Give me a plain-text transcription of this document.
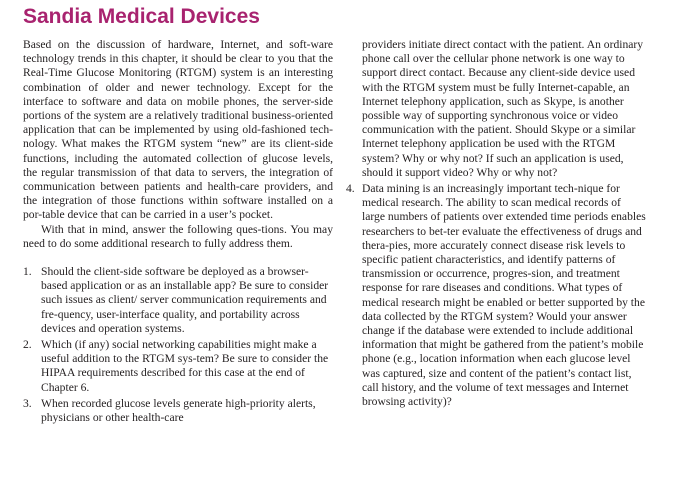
Sandia Medical Devices

Based on the discussion of hardware, Internet, and soft-ware technology trends in this chapter, it should be clear to you that the Real-Time Glucose Monitoring (RTGM) system is an interesting combination of older and newer technology. Except for the interface to software and data on mobile phones, the server-side portions of the system are a relatively traditional business-oriented application that can be implemented by using old-fashioned tech-nology. What makes the RTGM system “new” are its client-side functions, including the automated collection of glucose levels, the regular transmission of that data to servers, the integration of communication between patients and health-care providers, and the integration of those functions within software installed on a por-table device that can be carried in a user’s pocket.

With that in mind, answer the following ques-tions. You may need to do some additional research to fully address them.

1. Should the client-side software be deployed as a browser-based application or as an installable app? Be sure to consider such issues as client/ server communication requirements and fre-quency, user-interface quality, and portability across devices and operation systems.
2. Which (if any) social networking capabilities might make a useful addition to the RTGM sys-tem? Be sure to consider the HIPAA requirements described for this case at the end of Chapter 6.
3. When recorded glucose levels generate high-priority alerts, physicians or other health-care

providers initiate direct contact with the patient. An ordinary phone call over the cellular phone network is one way to support direct contact. Because any client-side device used with the RTGM system must be fully Internet-capable, an Internet telephony application, such as Skype, is another possible way of supporting synchronous voice or video communication with the patient. Should Skype or a similar Internet telephony application be used with the RTGM system? Why or why not? If such an application is used, should it support video? Why or why not?

4. Data mining is an increasingly important tech-nique for medical research. The ability to scan medical records of large numbers of patients over extended time periods enables researchers to bet-ter evaluate the effectiveness of drugs and thera-pies, more accurately connect disease risk levels to specific patient characteristics, and identify patterns of transmission or occurrence, progres-sion, and treatment response for rare diseases and conditions. What types of medical research might be enabled or better supported by the data collected by the RTGM system? Would your answer change if the database were extended to include additional information that might be gathered from the patient’s mobile phone (e.g., location information when each glucose level was captured, size and content of the patient’s contact list, call history, and the volume of text messages and Internet browsing activity)?
